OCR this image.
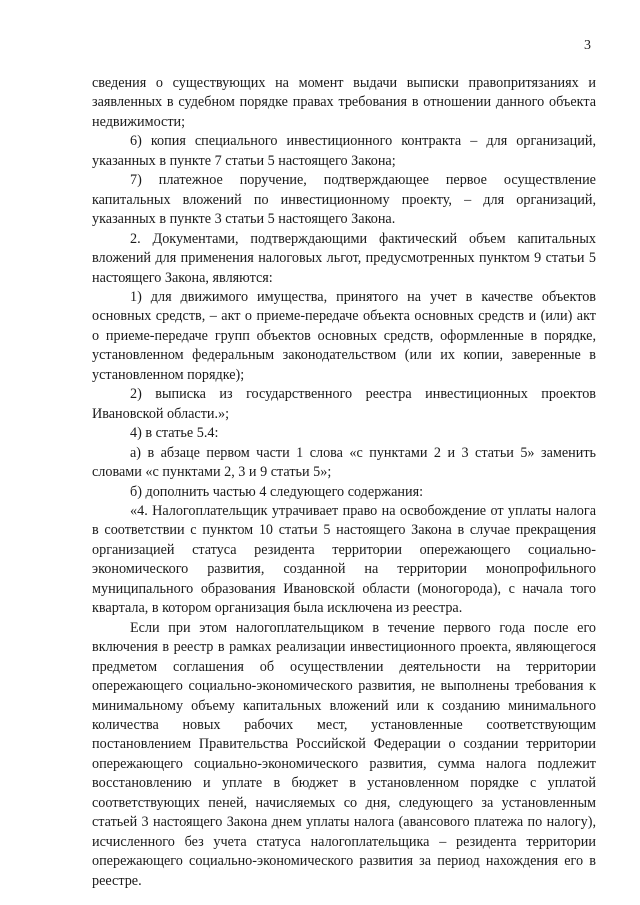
3

сведения о существующих на момент выдачи выписки правопритязаниях и заявленных в судебном порядке правах требования в отношении данного объекта недвижимости;

6) копия специального инвестиционного контракта – для организаций, указанных в пункте 7 статьи 5 настоящего Закона;

7) платежное поручение, подтверждающее первое осуществление капитальных вложений по инвестиционному проекту, – для организаций, указанных в пункте 3 статьи 5 настоящего Закона.

2. Документами, подтверждающими фактический объем капитальных вложений для применения налоговых льгот, предусмотренных пунктом 9 статьи 5 настоящего Закона, являются:

1) для движимого имущества, принятого на учет в качестве объектов основных средств, – акт о приеме-передаче объекта основных средств и (или) акт о приеме-передаче групп объектов основных средств, оформленные в порядке, установленном федеральным законодательством (или их копии, заверенные в установленном порядке);

2) выписка из государственного реестра инвестиционных проектов Ивановской области.»;

4) в статье 5.4:

а) в абзаце первом части 1 слова «с пунктами 2 и 3 статьи 5» заменить словами «с пунктами 2, 3 и 9 статьи 5»;

б) дополнить частью 4 следующего содержания:

«4. Налогоплательщик утрачивает право на освобождение от уплаты налога в соответствии с пунктом 10 статьи 5 настоящего Закона в случае прекращения организацией статуса резидента территории опережающего социально-экономического развития, созданной на территории монопрофильного муниципального образования Ивановской области (моногорода), с начала того квартала, в котором организация была исключена из реестра.

Если при этом налогоплательщиком в течение первого года после его включения в реестр в рамках реализации инвестиционного проекта, являющегося предметом соглашения об осуществлении деятельности на территории опережающего социально-экономического развития, не выполнены требования к минимальному объему капитальных вложений или к созданию минимального количества новых рабочих мест, установленные соответствующим постановлением Правительства Российской Федерации о создании территории опережающего социально-экономического развития, сумма налога подлежит восстановлению и уплате в бюджет в установленном порядке с уплатой соответствующих пеней, начисляемых со дня, следующего за установленным статьей 3 настоящего Закона днем уплаты налога (авансового платежа по налогу), исчисленного без учета статуса налогоплательщика – резидента территории опережающего социально-экономического развития за период нахождения его в реестре.
